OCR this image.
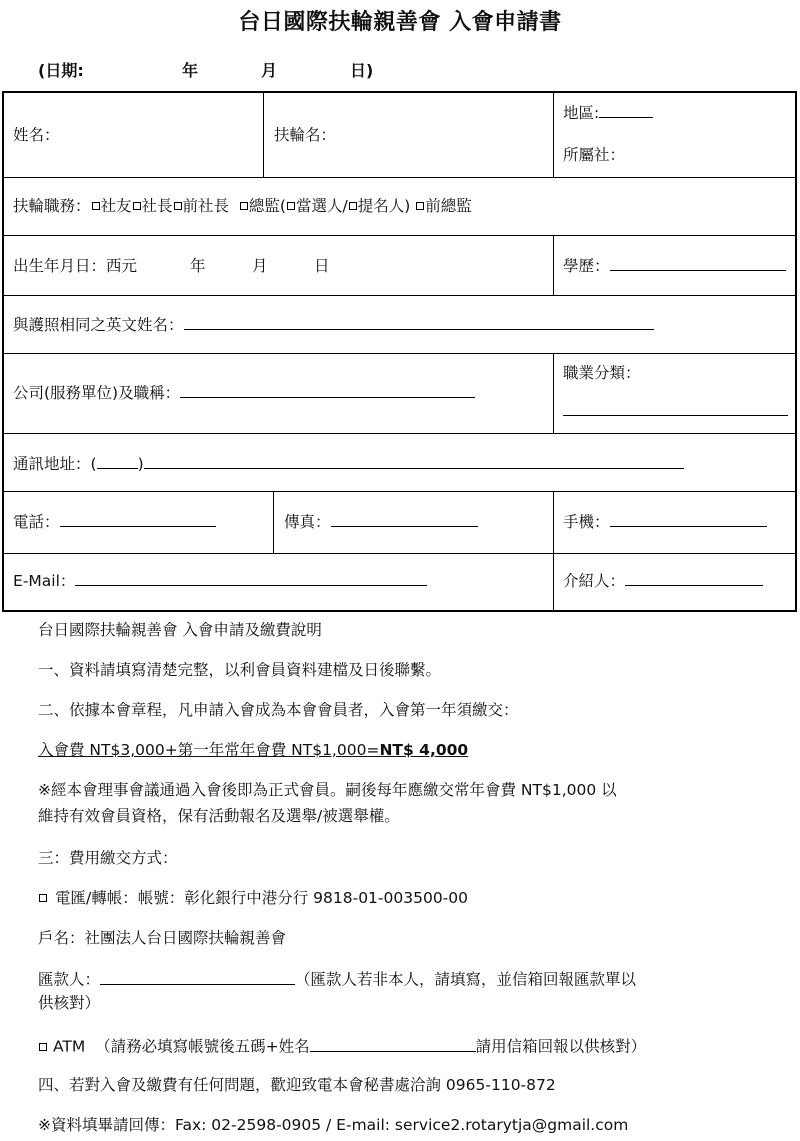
台日國際扶輪親善會 入會申請書
(日期:	年	月	日)
姓名：	扶輪名：
地區:
所屬社：
扶輪職務： 社友 社長 前社長 總監( 當選人/ 提名人) 前總監
出生年月日：西元	年	月	日	學歷：
與護照相同之英文姓名：
公司(服務單位)及職稱：
職業分類：
通訊地址：(	)
電話：	傳真：	手機：
E-Mail：	介紹人：
台日國際扶輪親善會 入會申請及繳費說明
一、資料請填寫清楚完整，以利會員資料建檔及日後聯繫。
二、依據本會章程，凡申請入會成為本會會員者，入會第一年須繳交：
入會費 NT$3,000+第一年常年會費 NT$1,000=NT$ 4,000
※經本會理事會議通過入會後即為正式會員。嗣後每年應繳交常年會費 NT$1,000 以
維持有效會員資格，保有活動報名及選舉/被選舉權。
三：費用繳交方式：
電匯/轉帳：帳號：彰化銀行中港分行 9818-01-003500-00
戶名：社團法人台日國際扶輪親善會
匯款人：	（匯款人若非本人，請填寫，並信箱回報匯款單以
供核對）
ATM （請務必填寫帳號後五碼+姓名	請用信箱回報以供核對）
四、若對入會及繳費有任何問題，歡迎致電本會秘書處洽詢 0965-110-872
※資料填畢請回傳：Fax: 02-2598-0905 / E-mail: service2.rotarytja@gmail.com
